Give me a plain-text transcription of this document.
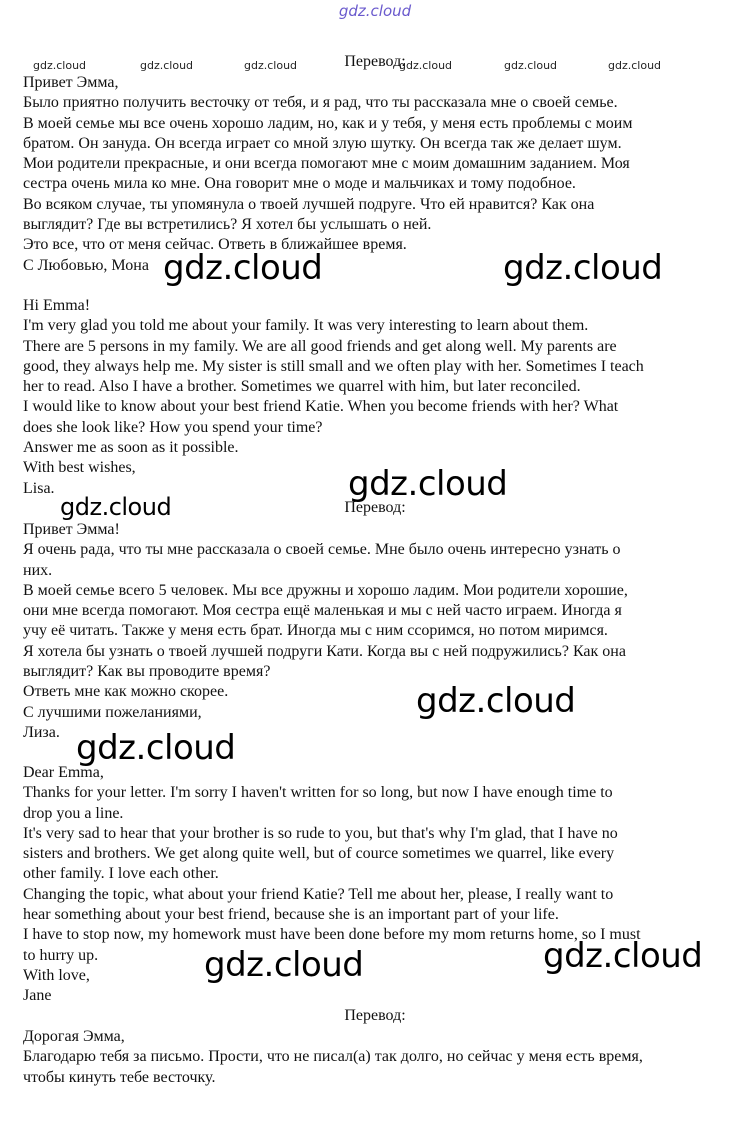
gdz.cloud
gdz.cloud	gdz.cloud	gdz.cloud	gdz.cloud	gdz.cloud	gdz.cloud
Перевод:
Привет Эмма,
Было приятно получить весточку от тебя, и я рад, что ты рассказала мне о своей семье.
В моей семье мы все очень хорошо ладим, но, как и у тебя, у меня есть проблемы с моим
братом. Он зануда. Он всегда играет со мной злую шутку. Он всегда так же делает шум.
Мои родители прекрасные, и они всегда помогают мне с моим домашним заданием. Моя
сестра очень мила ко мне. Она говорит мне о моде и мальчиках и тому подобное.
Во всяком случае, ты упомянула о твоей лучшей подруге. Что ей нравится? Как она
выглядит? Где вы встретились? Я хотел бы услышать о ней.
Это все, что от меня сейчас. Ответь в ближайшее время.
С Любовью, Мона
Hi Emma!
I'm very glad you told me about your family. It was very interesting to learn about them.
There are 5 persons in my family. We are all good friends and get along well. My parents are
good, they always help me. My sister is still small and we often play with her. Sometimes I teach
her to read. Also I have a brother. Sometimes we quarrel with him, but later reconciled.
I would like to know about your best friend Katie. When you become friends with her? What
does she look like? How you spend your time?
Answer me as soon as it possible.
With best wishes,
Lisa.
Перевод:
Привет Эмма!
Я очень рада, что ты мне рассказала о своей семье. Мне было очень интересно узнать о
них.
В моей семье всего 5 человек. Мы все дружны и хорошо ладим. Мои родители хорошие,
они мне всегда помогают. Моя сестра ещё маленькая и мы с ней часто играем. Иногда я
учу её читать. Также у меня есть брат. Иногда мы с ним ссоримся, но потом миримся.
Я хотела бы узнать о твоей лучшей подруги Кати. Когда вы с ней подружились? Как она
выглядит? Как вы проводите время?
Ответь мне как можно скорее.
С лучшими пожеланиями,
Лиза.
Dear Emma,
Thanks for your letter. I'm sorry I haven't written for so long, but now I have enough time to
drop you a line.
It's very sad to hear that your brother is so rude to you, but that's why I'm glad, that I have no
sisters and brothers. We get along quite well, but of cource sometimes we quarrel, like every
other family. I love each other.
Changing the topic, what about your friend Katie? Tell me about her, please, I really want to
hear something about your best friend, because she is an important part of your life.
I have to stop now, my homework must have been done before my mom returns home, so I must
to hurry up.
With love,
Jane
Перевод:
Дорогая Эмма,
Благодарю тебя за письмо. Прости, что не писал(а) так долго, но сейчас у меня есть время,
чтобы кинуть тебе весточку.
gdz.cloud	gdz.cloud
gdz.cloud
gdz.cloud
gdz.cloud
gdz.cloud
gdz.cloud
gdz.cloud
